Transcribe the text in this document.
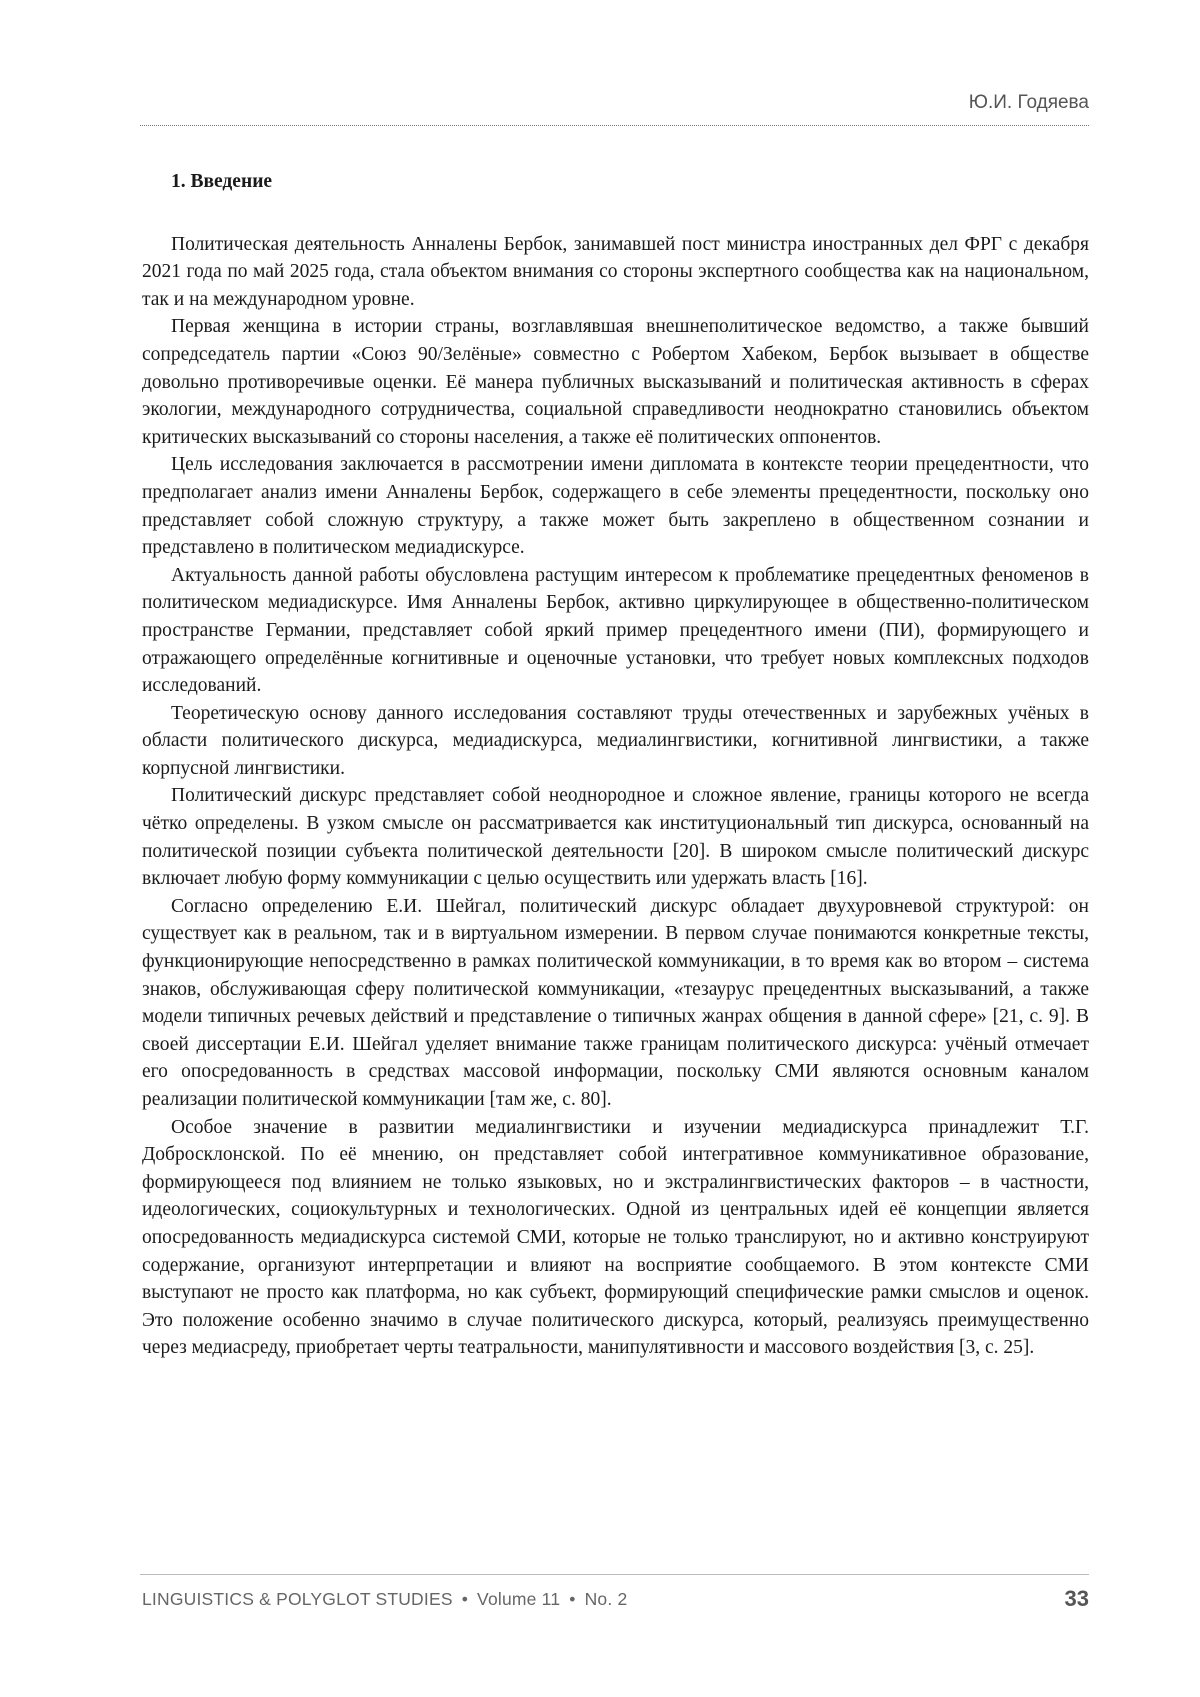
Ю.И. Годяева
1. Введение

Политическая деятельность Анналены Бербок, занимавшей пост министра иностранных дел ФРГ с декабря 2021 года по май 2025 года, стала объектом внимания со стороны экспертного сообщества как на национальном, так и на международном уровне.

Первая женщина в истории страны, возглавлявшая внешнеполитическое ведомство, а также бывший сопредседатель партии «Союз 90/Зелёные» совместно с Робертом Хабеком, Бербок вызывает в обществе довольно противоречивые оценки. Её манера публичных высказываний и политическая активность в сферах экологии, международного сотрудничества, социальной справедливости неоднократно становились объектом критических высказываний со стороны населения, а также её политических оппонентов.

Цель исследования заключается в рассмотрении имени дипломата в контексте теории прецедентности, что предполагает анализ имени Анналены Бербок, содержащего в себе элементы прецедентности, поскольку оно представляет собой сложную структуру, а также может быть закреплено в общественном сознании и представлено в политическом медиадискурсе.

Актуальность данной работы обусловлена растущим интересом к проблематике прецедентных феноменов в политическом медиадискурсе. Имя Анналены Бербок, активно циркулирующее в общественно-политическом пространстве Германии, представляет собой яркий пример прецедентного имени (ПИ), формирующего и отражающего определённые когнитивные и оценочные установки, что требует новых комплексных подходов исследований.

Теоретическую основу данного исследования составляют труды отечественных и зарубежных учёных в области политического дискурса, медиадискурса, медиалингвистики, когнитивной лингвистики, а также корпусной лингвистики.

Политический дискурс представляет собой неоднородное и сложное явление, границы которого не всегда чётко определены. В узком смысле он рассматривается как институциональный тип дискурса, основанный на политической позиции субъекта политической деятельности [20]. В широком смысле политический дискурс включает любую форму коммуникации с целью осуществить или удержать власть [16].

Согласно определению Е.И. Шейгал, политический дискурс обладает двухуровневой структурой: он существует как в реальном, так и в виртуальном измерении. В первом случае понимаются конкретные тексты, функционирующие непосредственно в рамках политической коммуникации, в то время как во втором – система знаков, обслуживающая сферу политической коммуникации, «тезаурус прецедентных высказываний, а также модели типичных речевых действий и представление о типичных жанрах общения в данной сфере» [21, с. 9]. В своей диссертации Е.И. Шейгал уделяет внимание также границам политического дискурса: учёный отмечает его опосредованность в средствах массовой информации, поскольку СМИ являются основным каналом реализации политической коммуникации [там же, с. 80].

Особое значение в развитии медиалингвистики и изучении медиадискурса принадлежит Т.Г. Добросклонской. По её мнению, он представляет собой интегративное коммуникативное образование, формирующееся под влиянием не только языковых, но и экстралингвистических факторов – в частности, идеологических, социокультурных и технологических. Одной из центральных идей её концепции является опосредованность медиадискурса системой СМИ, которые не только транслируют, но и активно конструируют содержание, организуют интерпретации и влияют на восприятие сообщаемого. В этом контексте СМИ выступают не просто как платформа, но как субъект, формирующий специфические рамки смыслов и оценок. Это положение особенно значимо в случае политического дискурса, который, реализуясь преимущественно через медиасреду, приобретает черты театральности, манипулятивности и массового воздействия [3, с. 25].

LINGUISTICS & POLYGLOT STUDIES • Volume 11 • No. 2	33
